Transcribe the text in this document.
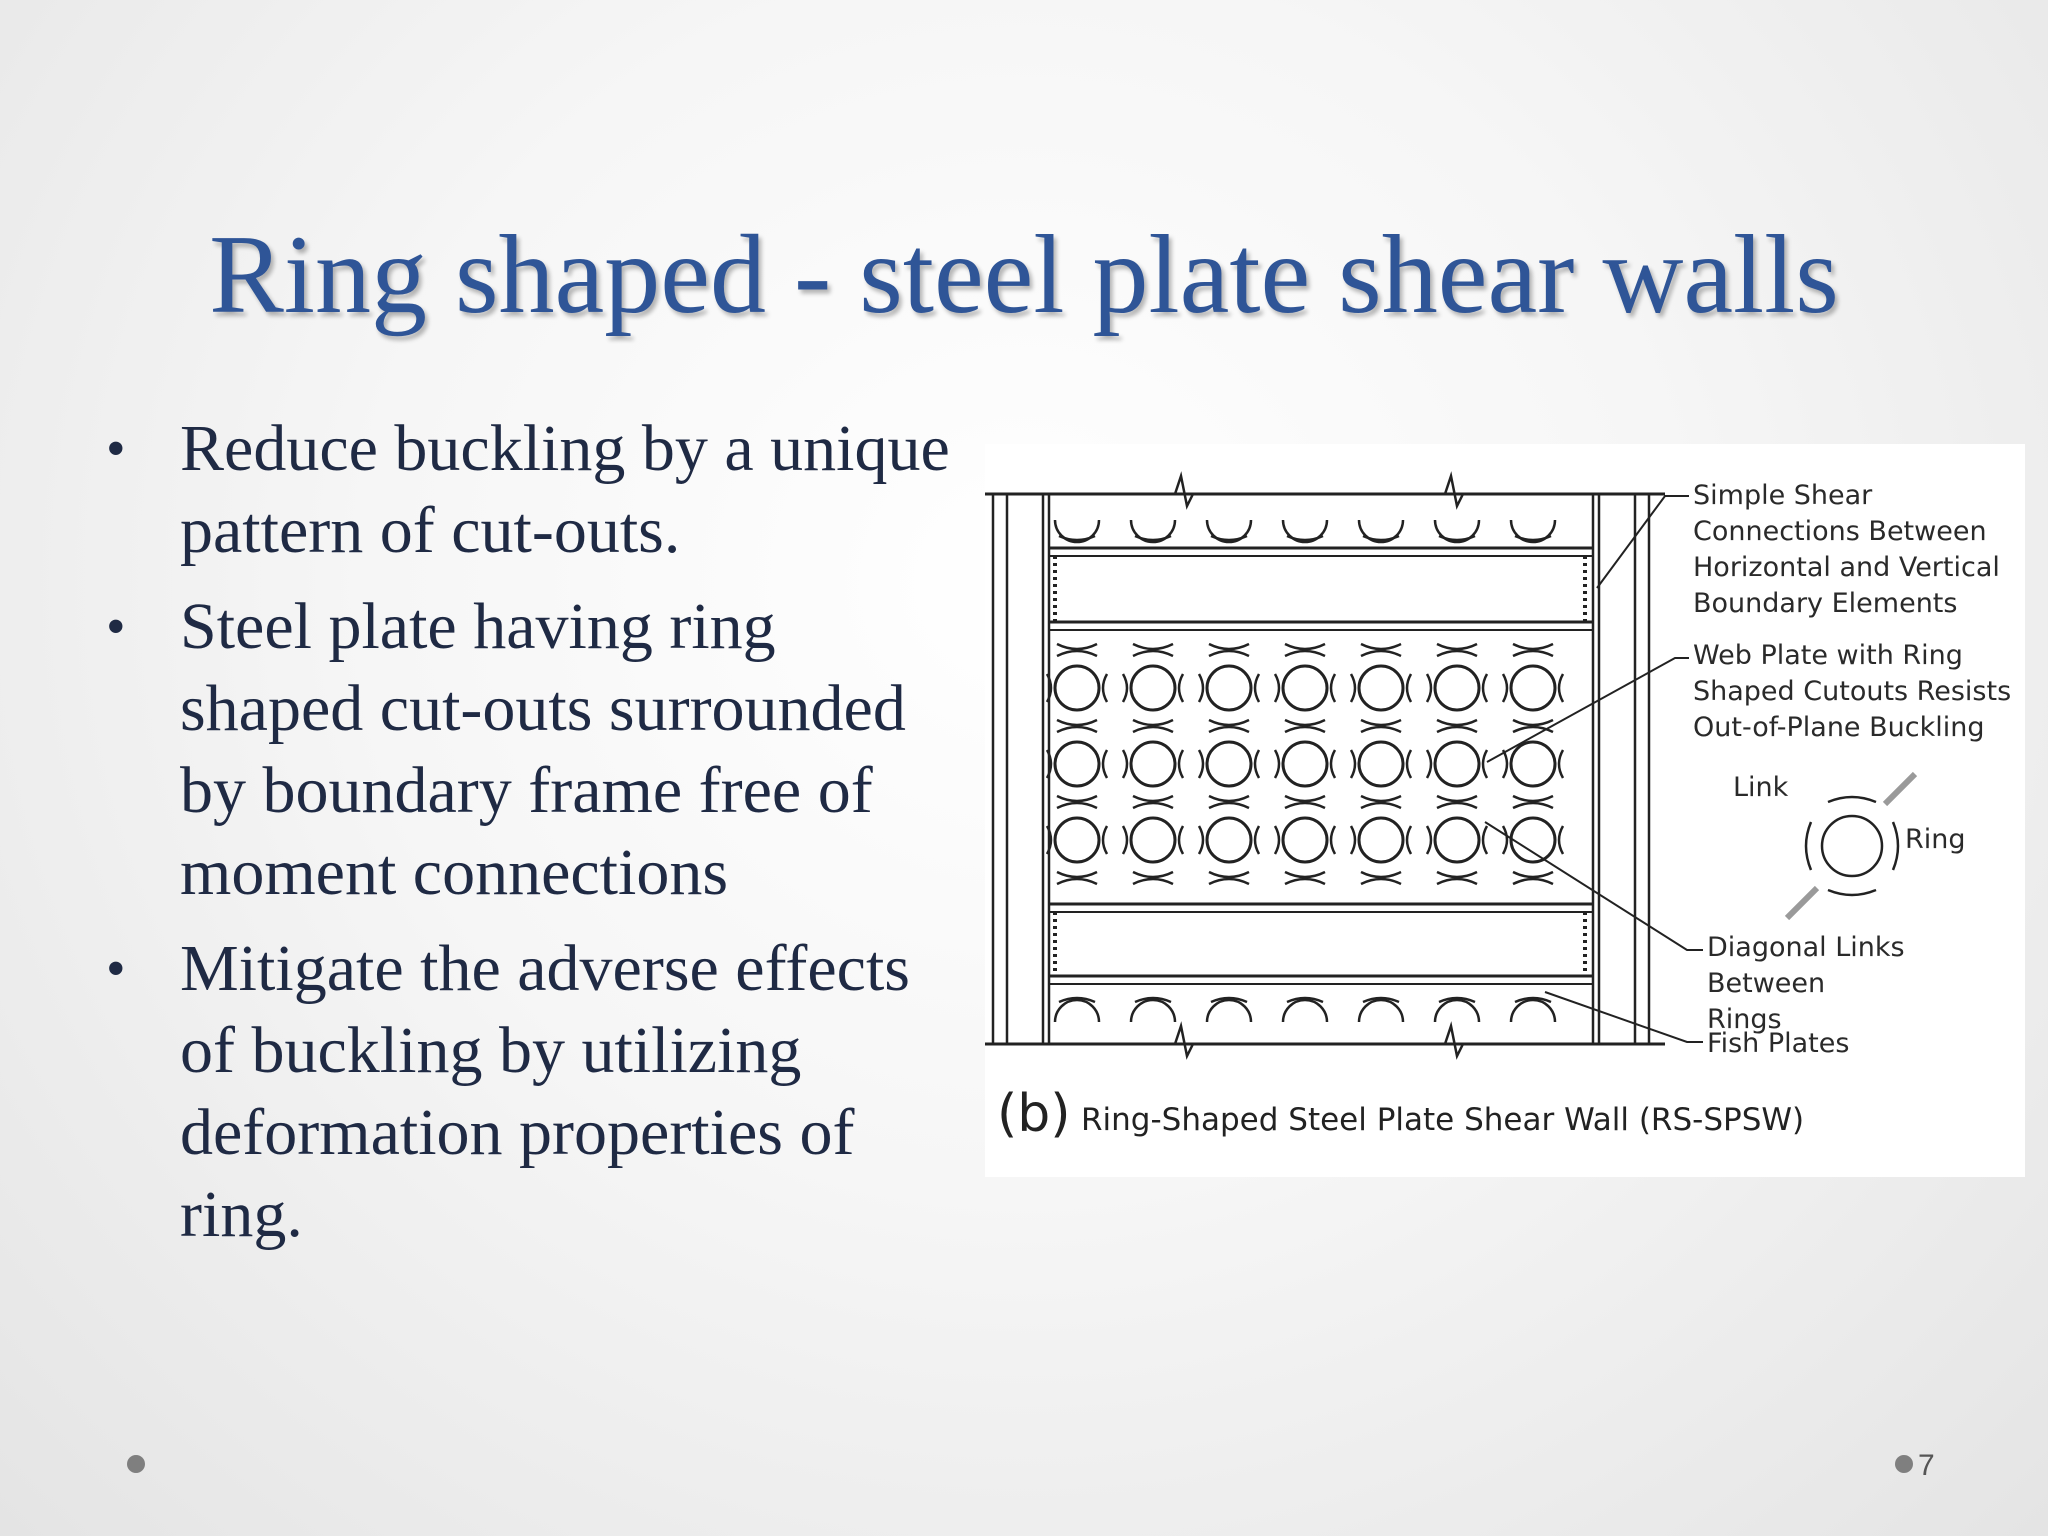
Ring shaped - steel plate shear walls
• Reduce buckling by a unique pattern of cut-outs.
• Steel plate having ring shaped cut-outs surrounded by boundary frame free of moment connections
• Mitigate the adverse effects of buckling by utilizing deformation properties of ring.
Simple Shear
Connections Between
Horizontal and Vertical
Boundary Elements
Web Plate with Ring
Shaped Cutouts Resists
Out-of-Plane Buckling
Link
Ring
Diagonal Links Between
Rings
Fish Plates
(b) Ring-Shaped Steel Plate Shear Wall (RS-SPSW)
7
